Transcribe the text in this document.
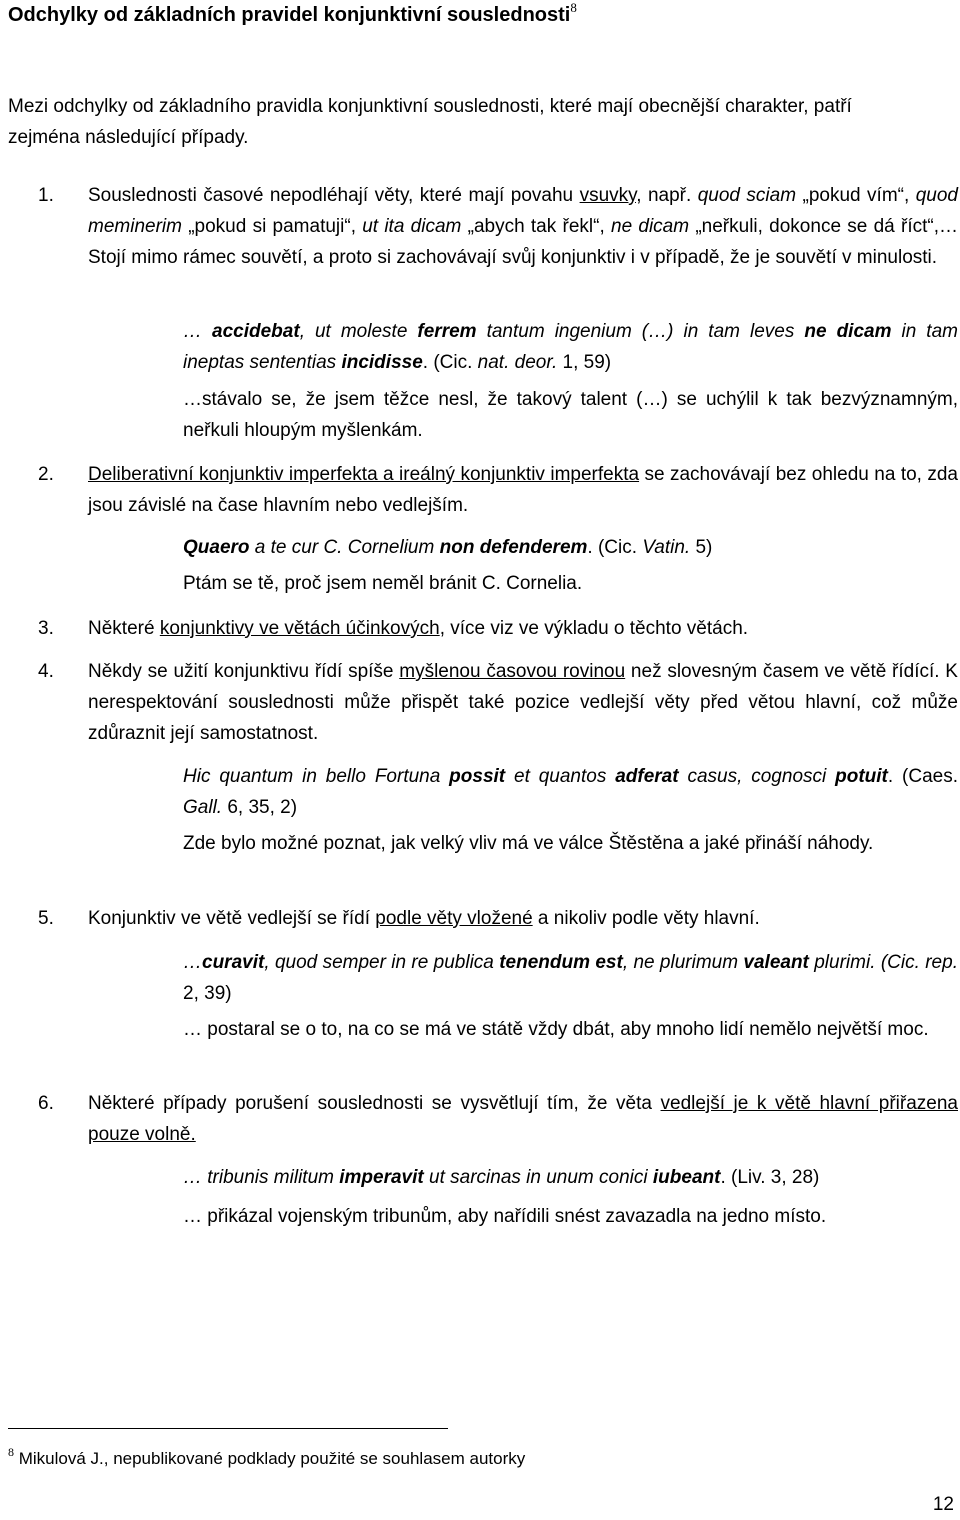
Odchylky od základních pravidel konjunktivní souslednosti$^8$

Mezi odchylky od základního pravidla konjunktivní souslednosti, které mají obecnější charakter, patří zejména následující případy.

1.	Souslednosti časové nepodléhají věty, které mají povahu vsuvky, např. quod sciam „pokud vím“, quod meminerim „pokud si pamatuji“, ut ita dicam „abych tak řekl“, ne dicam „neřkuli, dokonce se dá říct“,… Stojí mimo rámec souvětí, a proto si zachovávají svůj konjunktiv i v případě, že je souvětí v minulosti.

… accidebat, ut moleste ferrem tantum ingenium (…) in tam leves ne dicam in tam ineptas sententias incidisse. (Cic. nat. deor. 1, 59)

…stávalo se, že jsem těžce nesl, že takový talent (…) se uchýlil k tak bezvýznamným, neřkuli hloupým myšlenkám.

2.	Deliberativní konjunktiv imperfekta a ireálný konjunktiv imperfekta se zachovávají bez ohledu na to, zda jsou závislé na čase hlavním nebo vedlejším.

Quaero a te cur C. Cornelium non defenderem. (Cic. Vatin. 5)

Ptám se tě, proč jsem neměl bránit C. Cornelia.

3.	Některé konjunktivy ve větách účinkových, více viz ve výkladu o těchto větách.
4.	Někdy se užití konjunktivu řídí spíše myšlenou časovou rovinou než slovesným časem ve větě řídící. K nerespektování souslednosti může přispět také pozice vedlejší věty před větou hlavní, což může zdůraznit její samostatnost.

Hic quantum in bello Fortuna possit et quantos adferat casus, cognosci potuit. (Caes. Gall. 6, 35, 2)

Zde bylo možné poznat, jak velký vliv má ve válce Štěstěna a jaké přináší náhody.

5.	Konjunktiv ve větě vedlejší se řídí podle věty vložené a nikoliv podle věty hlavní.

…curavit, quod semper in re publica tenendum est, ne plurimum valeant plurimi. (Cic. rep. 2, 39)

… postaral se o to, na co se má ve státě vždy dbát, aby mnoho lidí nemělo největší moc.

6.	Některé případy porušení souslednosti se vysvětlují tím, že věta vedlejší je k větě hlavní přiřazena pouze volně.

… tribunis militum imperavit ut sarcinas in unum conici iubeant. (Liv. 3, 28)

… přikázal vojenským tribunům, aby nařídili snést zavazadla na jedno místo.

$^8$ Mikulová J., nepublikované podklady použité se souhlasem autorky
12
